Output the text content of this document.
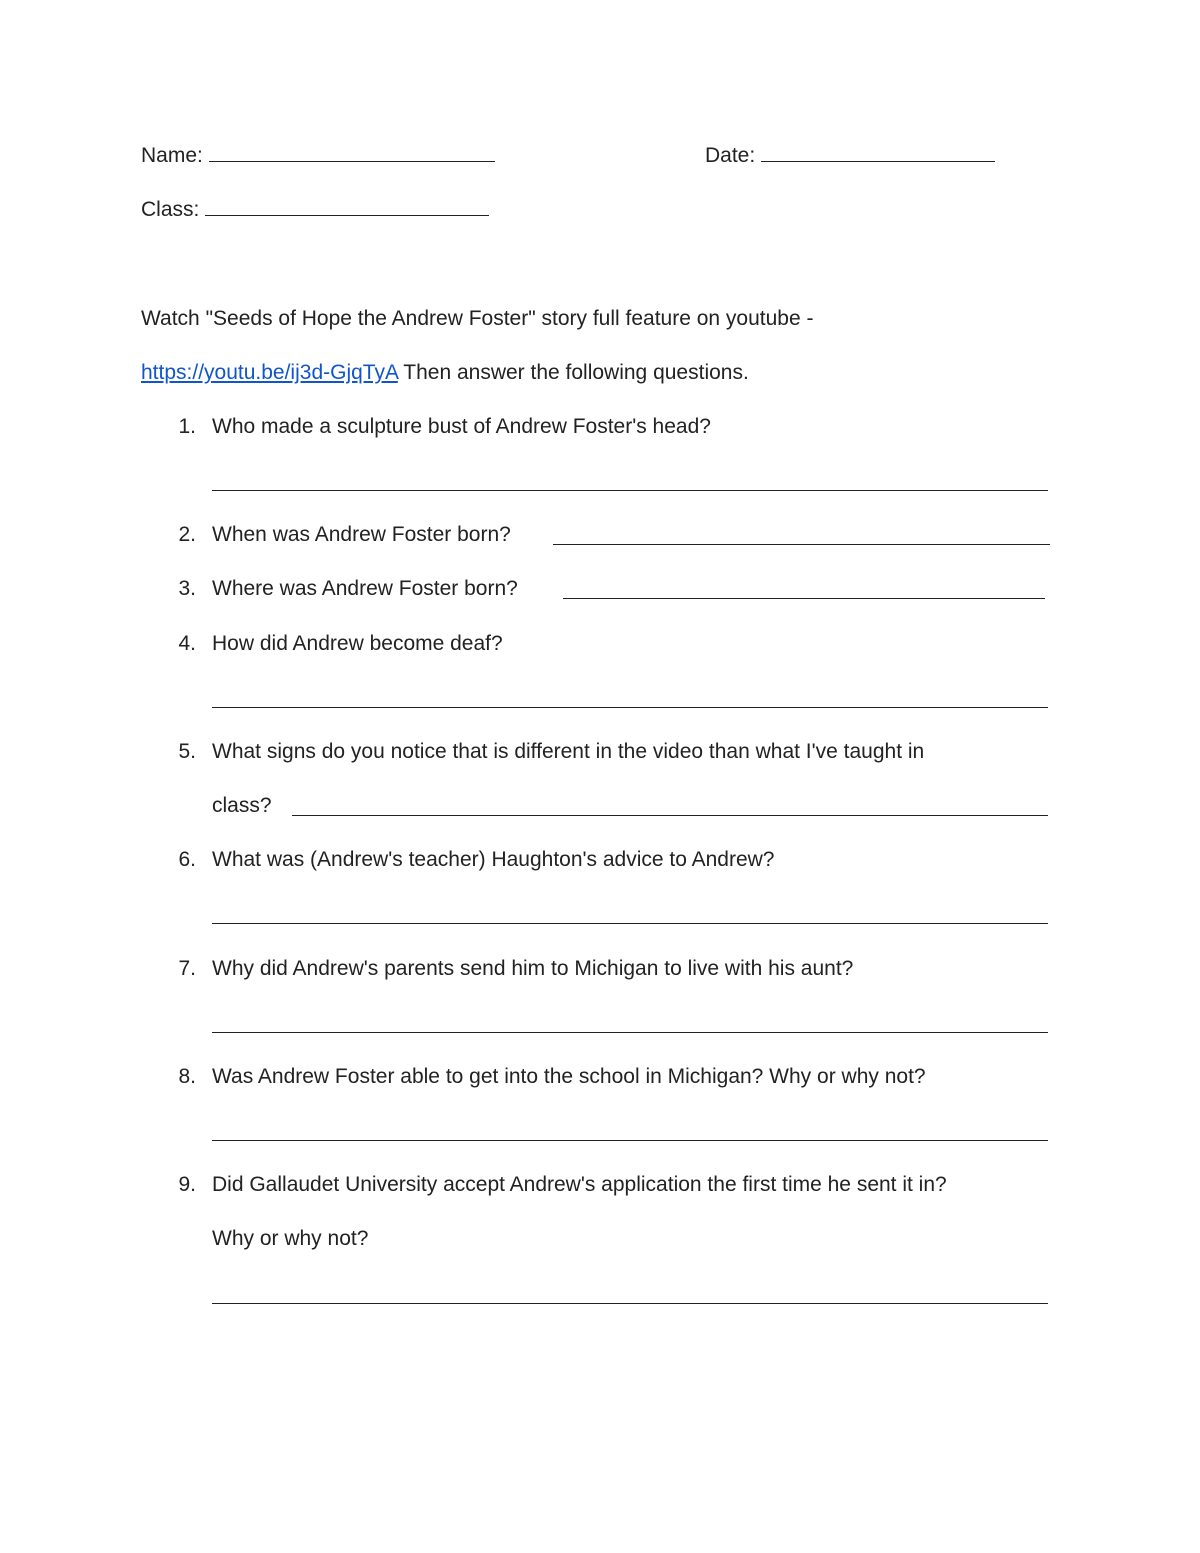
Name:	Date:
Class:
Watch "Seeds of Hope the Andrew Foster" story full feature on youtube -
https://youtu.be/ij3d-GjqTyA Then answer the following questions.
1. Who made a sculpture bust of Andrew Foster's head?
2. When was Andrew Foster born?
3. Where was Andrew Foster born?
4. How did Andrew become deaf?
5. What signs do you notice that is different in the video than what I've taught in
class?
6. What was (Andrew's teacher) Haughton's advice to Andrew?
7. Why did Andrew's parents send him to Michigan to live with his aunt?
8. Was Andrew Foster able to get into the school in Michigan? Why or why not?
9. Did Gallaudet University accept Andrew's application the first time he sent it in?
Why or why not?
